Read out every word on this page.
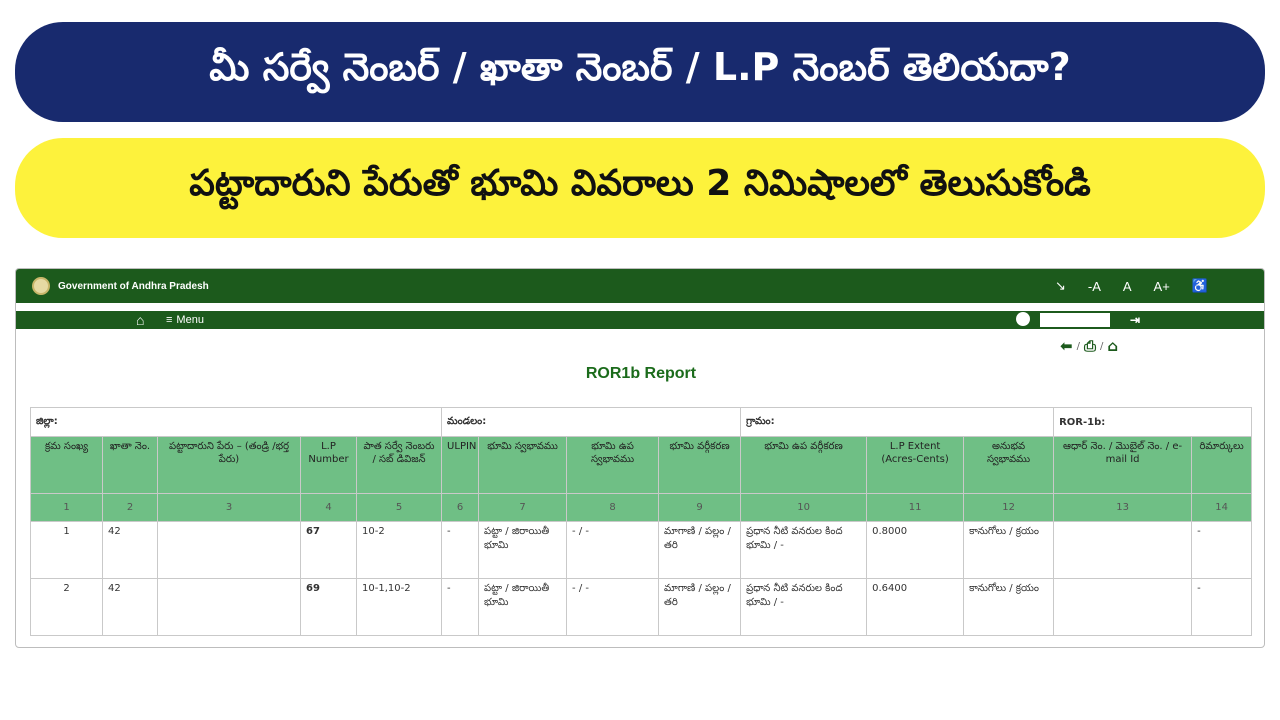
మీ సర్వే నెంబర్ / ఖాతా నెంబర్ / L.P నెంబర్ తెలియదా?
పట్టాదారుని పేరుతో భూమి వివరాలు 2 నిమిషాలలో తెలుసుకోండి
Government of Andhra Pradesh	↘ -A A A+ ♿
⌂ ≡ Menu	⇥
⬅ / ⎙ / ⌂
ROR1b Report
జిల్లా:					మండలం:				గ్రామం:			ROR-1b:	
క్రమ సంఖ్య	ఖాతా నెం.	పట్టాదారుని పేరు – (తండ్రి /భర్త పేరు)	L.P Number	పాత సర్వే నెంబరు / సబ్ డివిజన్	ULPIN	భూమి స్వభావము	భూమి ఉప స్వభావము	భూమి వర్గీకరణ	భూమి ఉప వర్గీకరణ	L.P Extent (Acres-Cents)	అనుభవ స్వభావము	ఆధార్ నెం. / మొబైల్ నెం. / e-mail Id	రిమార్కులు
1	2	3	4	5	6	7	8	9	10	11	12	13	14
1	42		67	10-2	-	పట్టా / జిరాయితీ భూమి	- / -	మాగాణి / పల్లం / తరి	ప్రధాన నీటి వనరుల కింద భూమి / -	0.8000	కానుగోలు / క్రయం		-
2	42		69	10-1,10-2	-	పట్టా / జిరాయితీ భూమి	- / -	మాగాణి / పల్లం / తరి	ప్రధాన నీటి వనరుల కింద భూమి / -	0.6400	కానుగోలు / క్రయం		-
